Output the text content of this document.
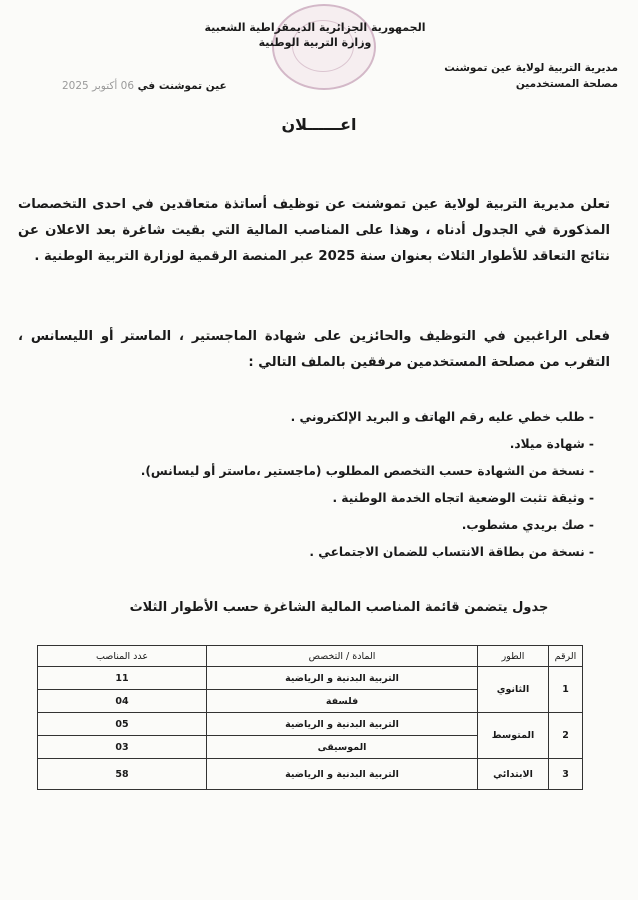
الجمهورية الجزائرية الديمقراطية الشعبية
وزارة التربية الوطنية
مديرية التربية لولاية عين تموشنت
مصلحة المستخدمين
عين تموشنت في 06 أكتوبر 2025
اعــــــلان
تعلن مديرية التربية لولاية عين تموشنت عن توظيف أساتذة متعاقدين في احدى التخصصات المذكورة في الجدول أدناه ، وهذا على المناصب المالية التي بقيت شاغرة بعد الاعلان عن نتائج التعاقد للأطوار الثلاث بعنوان سنة 2025 عبر المنصة الرقمية لوزارة التربية الوطنية .
فعلى الراغبين في التوظيف والحائزين على شهادة الماجستير ، الماستر أو الليسانس ، التقرب من مصلحة المستخدمين مرفقين بالملف التالي :
- طلب خطي عليه رقم الهاتف و البريد الإلكتروني .
- شهادة ميلاد.
- نسخة من الشهادة حسب التخصص المطلوب (ماجستير ،ماستر أو ليسانس).
- وثيقة تثبت الوضعية اتجاه الخدمة الوطنية .
- صك بريدي مشطوب.
- نسخة من بطاقة الانتساب للضمان الاجتماعي .
جدول يتضمن قائمة المناصب المالية الشاغرة حسب الأطوار الثلاث
الرقم	الطور	المادة / التخصص	عدد المناصب
1	الثانوي	التربية البدنية و الرياضية	11
		فلسفة	04
2	المتوسط	التربية البدنية و الرياضية	05
		الموسيقى	03
3	الابتدائي	التربية البدنية و الرياضية	58
